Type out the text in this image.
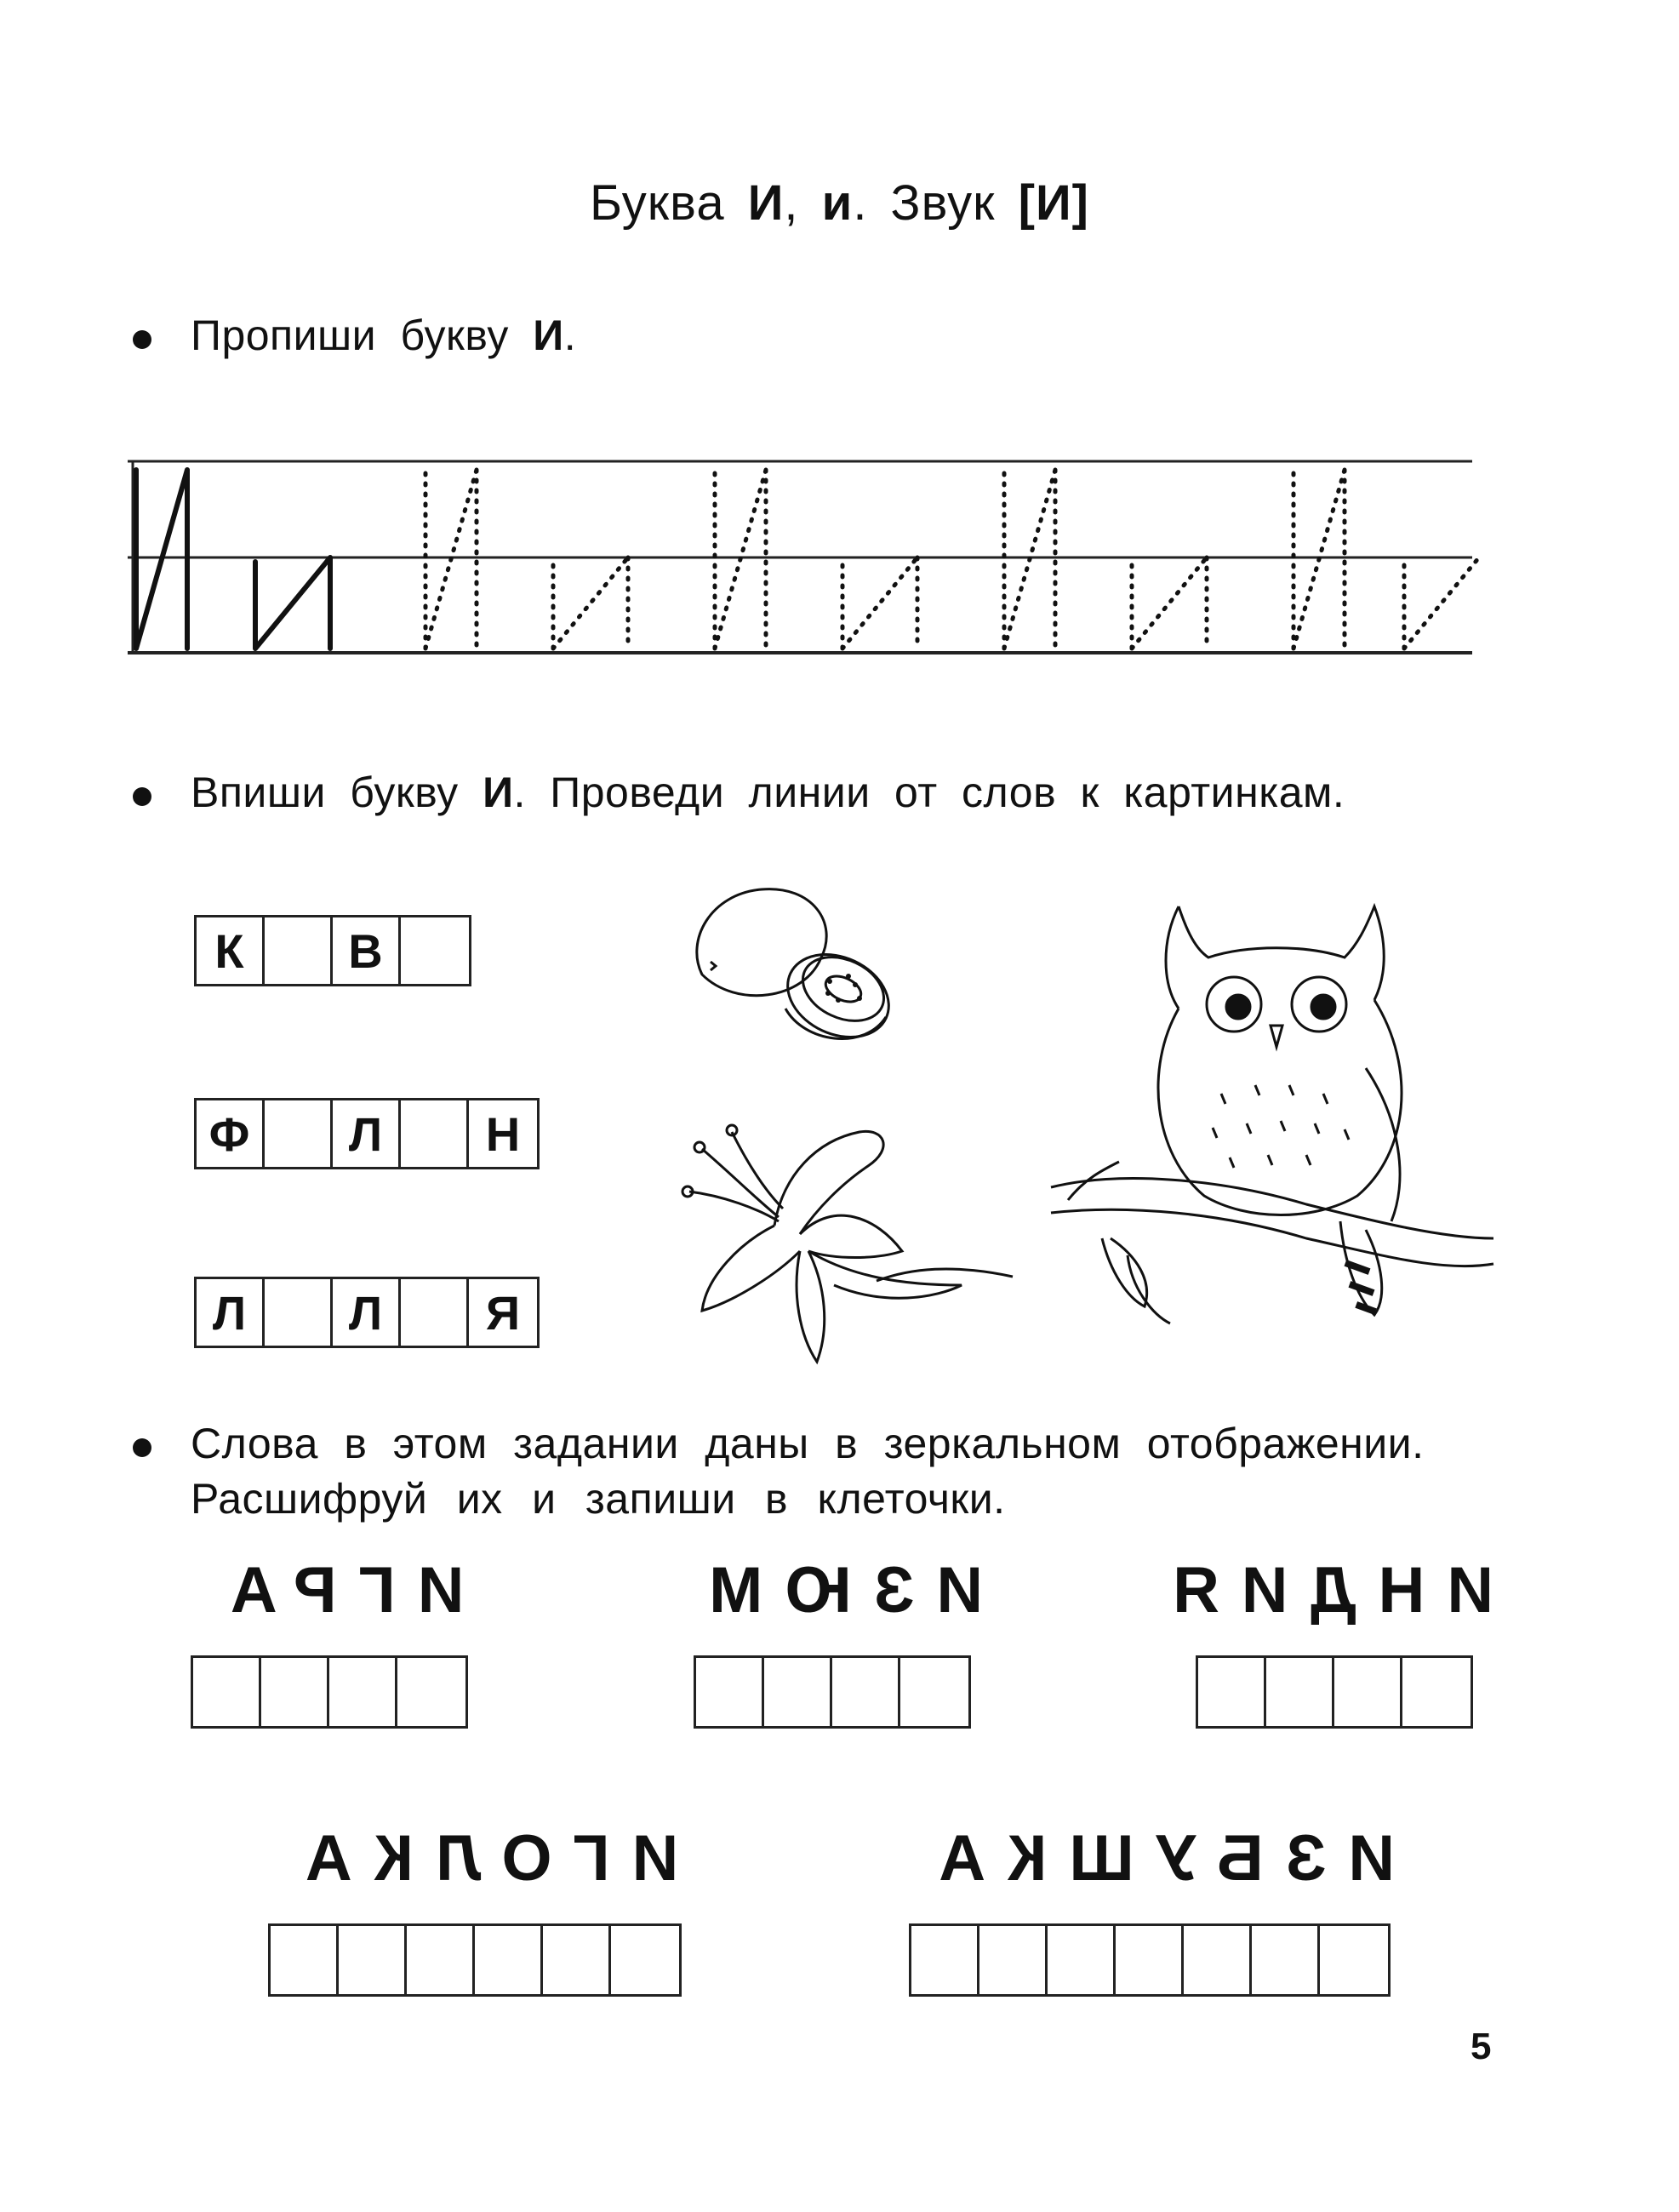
Буква И, и. Звук [И]
Пропиши букву И.
Впиши букву И. Проведи линии от слов к картинкам.
К	В
Ф	Л	Н
Л	Л	Я
Слова в этом задании даны в зеркальном отображении.
Расшифруй их и запиши в клеточки.
ИГРА	ИЗЮМ	ИНДИЯ
ИГОЛКА	ИЗБУШКА
5
